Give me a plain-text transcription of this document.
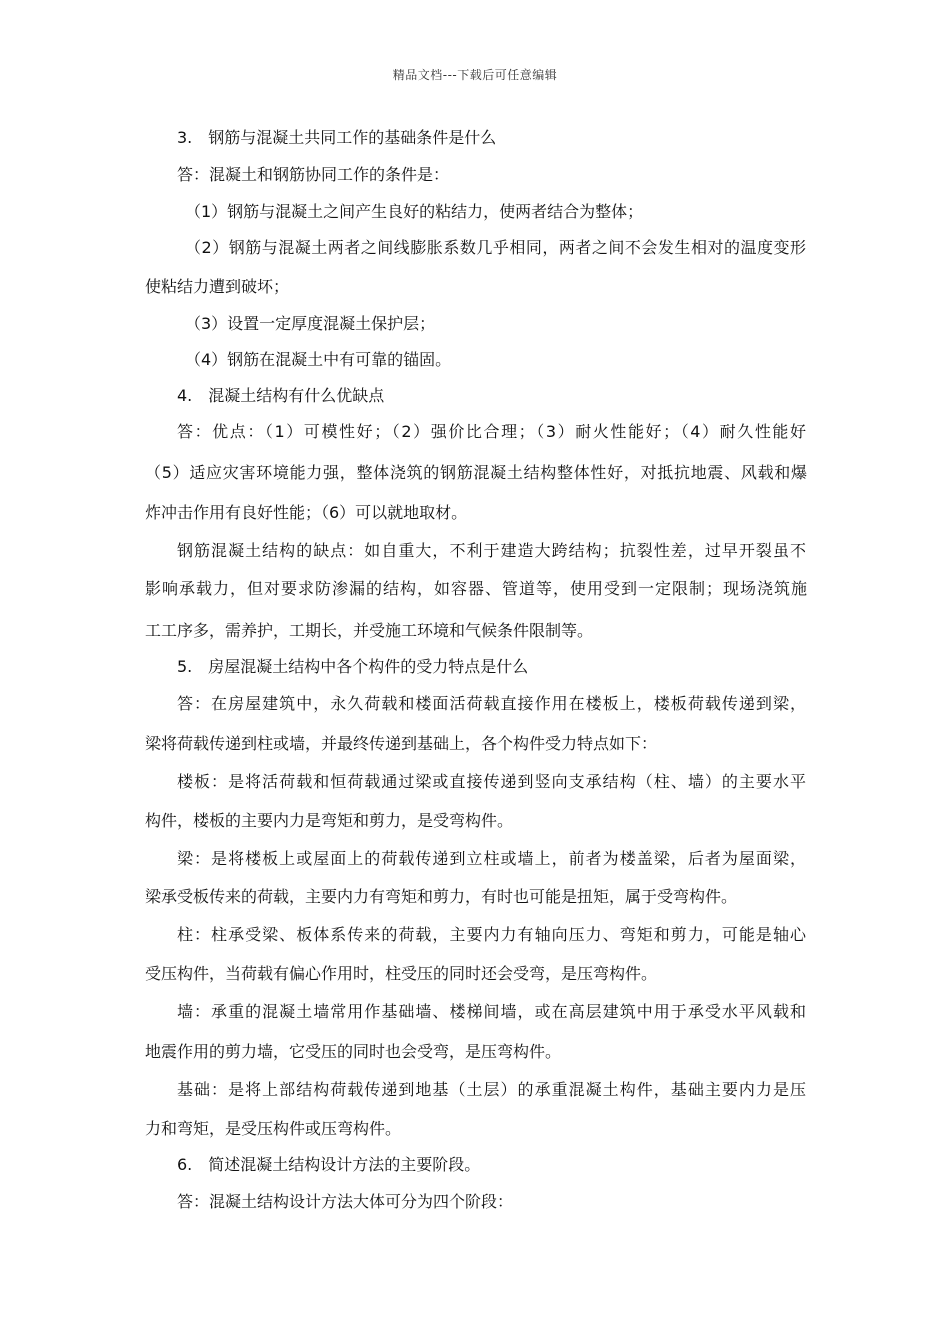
精品文档---下载后可任意编辑
3.　钢筋与混凝土共同工作的基础条件是什么
答：混凝土和钢筋协同工作的条件是：
（1）钢筋与混凝土之间产生良好的粘结力，使两者结合为整体；
（2）钢筋与混凝土两者之间线膨胀系数几乎相同，两者之间不会发生相对的温度变形
使粘结力遭到破坏；
（3）设置一定厚度混凝土保护层；
（4）钢筋在混凝土中有可靠的锚固。
4.　混凝土结构有什么优缺点
答：优点：（1）可模性好；（2）强价比合理；（3）耐火性能好；（4）耐久性能好
（5）适应灾害环境能力强，整体浇筑的钢筋混凝土结构整体性好，对抵抗地震、风载和爆
炸冲击作用有良好性能；（6）可以就地取材。
钢筋混凝土结构的缺点：如自重大，不利于建造大跨结构；抗裂性差，过早开裂虽不
影响承载力，但对要求防渗漏的结构，如容器、管道等，使用受到一定限制；现场浇筑施
工工序多，需养护，工期长，并受施工环境和气候条件限制等。
5.　房屋混凝土结构中各个构件的受力特点是什么
答：在房屋建筑中，永久荷载和楼面活荷载直接作用在楼板上，楼板荷载传递到梁，
梁将荷载传递到柱或墙，并最终传递到基础上，各个构件受力特点如下：
楼板：是将活荷载和恒荷载通过梁或直接传递到竖向支承结构（柱、墙）的主要水平
构件，楼板的主要内力是弯矩和剪力，是受弯构件。
梁：是将楼板上或屋面上的荷载传递到立柱或墙上，前者为楼盖梁，后者为屋面梁，
梁承受板传来的荷载，主要内力有弯矩和剪力，有时也可能是扭矩，属于受弯构件。
柱：柱承受梁、板体系传来的荷载，主要内力有轴向压力、弯矩和剪力，可能是轴心
受压构件，当荷载有偏心作用时，柱受压的同时还会受弯，是压弯构件。
墙：承重的混凝土墙常用作基础墙、楼梯间墙，或在高层建筑中用于承受水平风载和
地震作用的剪力墙，它受压的同时也会受弯，是压弯构件。
基础：是将上部结构荷载传递到地基（土层）的承重混凝土构件，基础主要内力是压
力和弯矩，是受压构件或压弯构件。
6.　简述混凝土结构设计方法的主要阶段。
答：混凝土结构设计方法大体可分为四个阶段：
